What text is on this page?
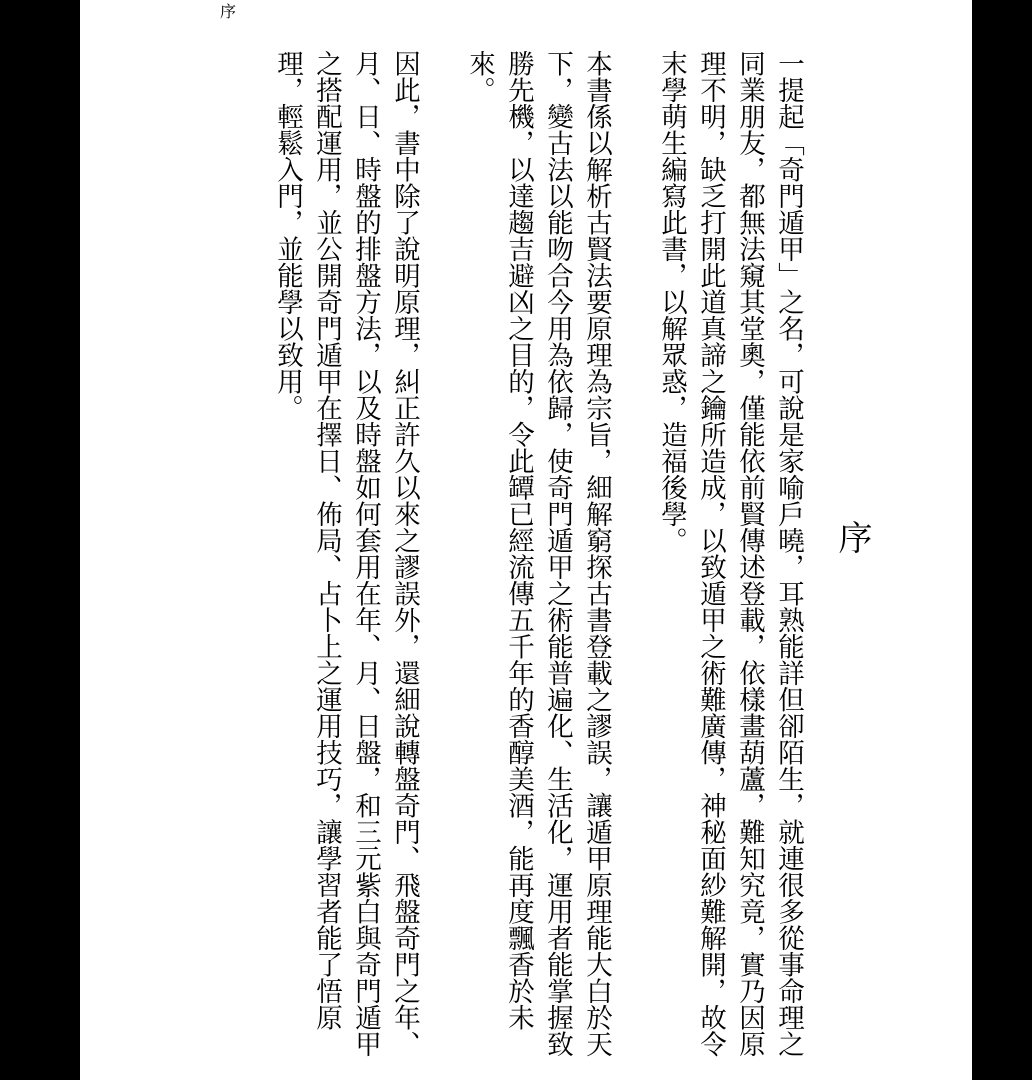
序
序

一提起「奇門遁甲」之名，可說是家喻戶曉，耳熟能詳但卻陌生，就連很多從事命理之同業朋友，都無法窺其堂奧，僅能依前賢傳述登載，依樣畫葫蘆，難知究竟，實乃因原理不明，缺乏打開此道真諦之鑰所造成，以致遁甲之術難廣傳，神秘面紗難解開，故令末學萌生編寫此書，以解眾惑，造福後學。

本書係以解析古賢法要原理為宗旨，細解窮探古書登載之謬誤，讓遁甲原理能大白於天下，變古法以能吻合今用為依歸，使奇門遁甲之術能普遍化、生活化，運用者能掌握致勝先機，以達趨吉避凶之目的，令此罈已經流傳五千年的香醇美酒，能再度飄香於未來。

因此，書中除了說明原理，糾正許久以來之謬誤外，還細說轉盤奇門、飛盤奇門之年、月、日、時盤的排盤方法，以及時盤如何套用在年、月、日盤，和三元紫白與奇門遁甲之搭配運用，並公開奇門遁甲在擇日、佈局、占卜上之運用技巧，讓學習者能了悟原理，輕鬆入門，並能學以致用。
